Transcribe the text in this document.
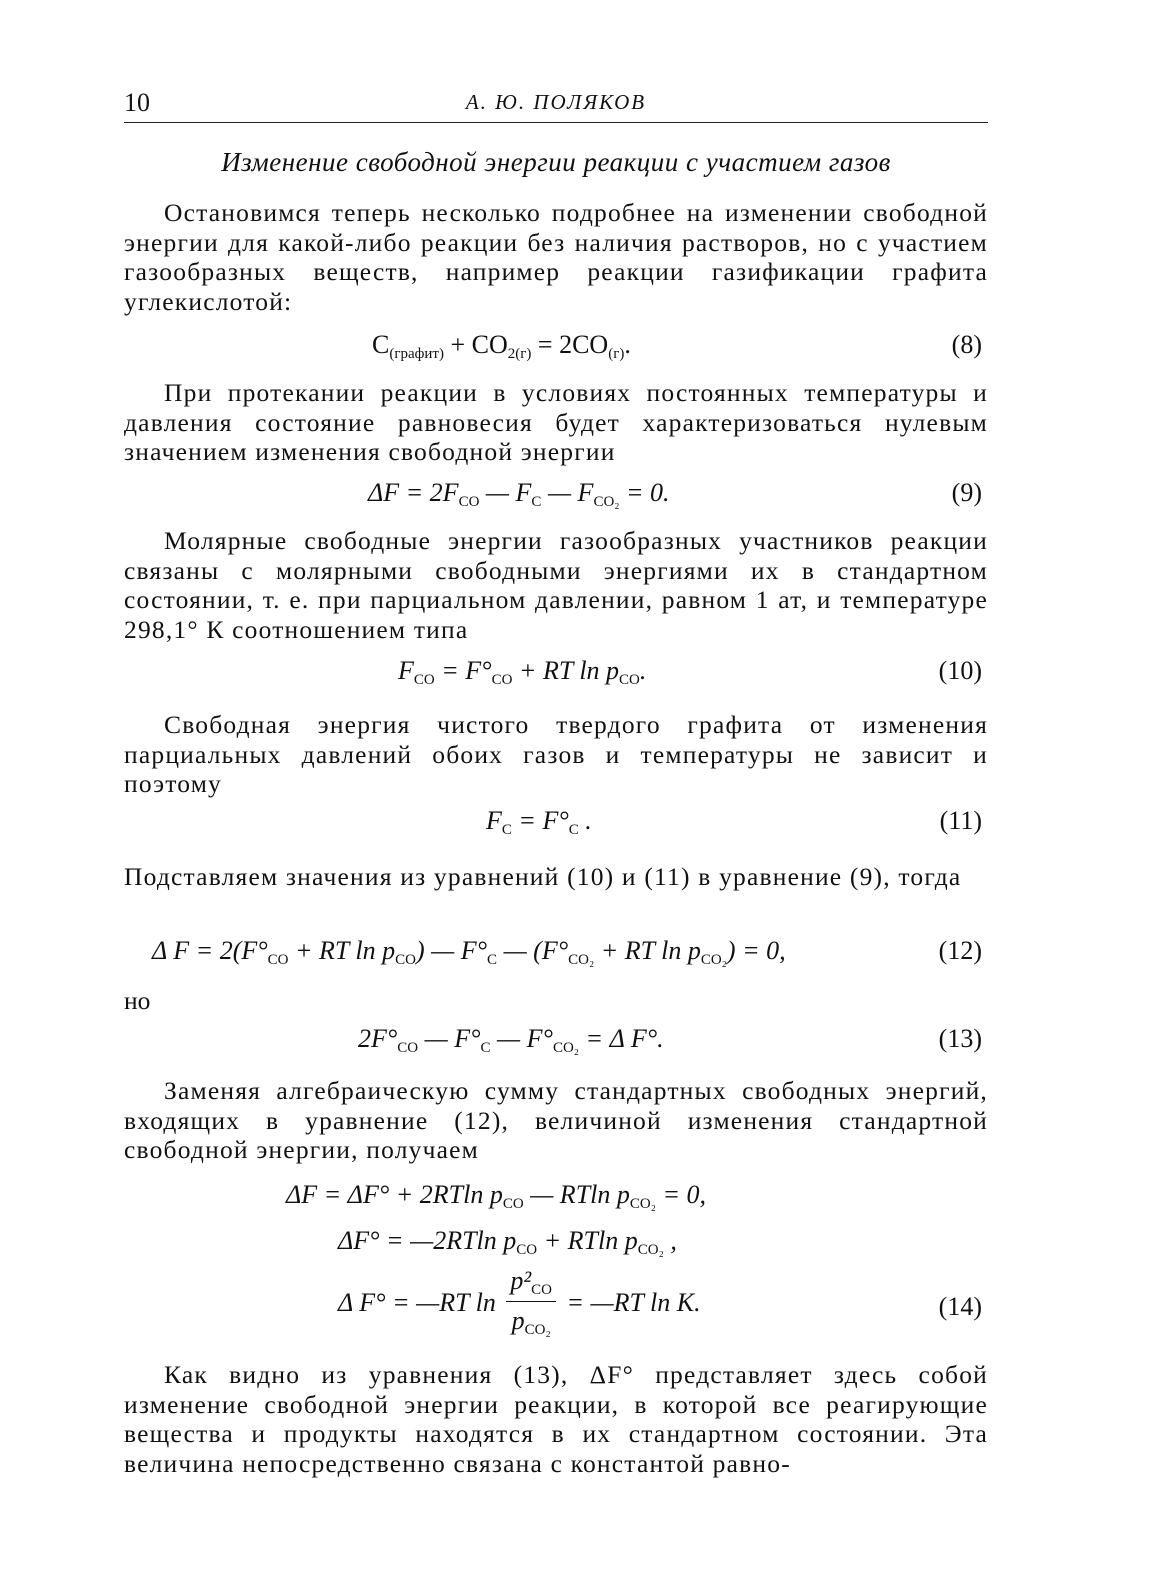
10	А. Ю. ПОЛЯКОВ
Изменение свободной энергии реакции с участием газов

Остановимся теперь несколько подробнее на изменении свободной энергии для какой-либо реакции без наличия растворов, но с участием газообразных веществ, например реакции газификации графита углекислотой:

$C_{(графит)} + CO_{2(г)} = 2CO_{(г)}$.	(8)

При протекании реакции в условиях постоянных температуры и давления состояние равновесия будет характеризоваться нулевым значением изменения свободной энергии

$\Delta F = 2F_{CO}$ — $F_C$ — $F_{CO_2} = 0$.	(9)

Молярные свободные энергии газообразных участников реакции связаны с молярными свободными энергиями их в стандартном состоянии, т. е. при парциальном давлении, равном 1 ат, и температуре 298,1° К соотношением типа

$F_{CO} = F^\circ_{CO}$ + RT $\ln p_{CO}$.	(10)

Свободная энергия чистого твердого графита от изменения парциальных давлений обоих газов и температуры не зависит и поэтому

$F_C = F^\circ_C$ .	(11)

Подставляем значения из уравнений (10) и (11) в уравнение (9), тогда

Δ $F = 2(F^\circ_{CO}$ + RT $\ln p_{CO}$) — $F^\circ_C$ — ($F^\circ_{CO_2}$ + RT $\ln p_{CO_2}) = 0$,	(12)
но
$2F^\circ_{CO}$ — $F^\circ_C$ — $F^\circ_{CO_2} = \Delta$ F°.	(13)

Заменяя алгебраическую сумму стандартных свободных энергий, входящих в уравнение (12), величиной изменения стандартной свободной энергии, получаем

ΔF = ΔF° + 2RTln $p_{CO}$ — RTln $p_{CO_2} = 0$,
ΔF° = —2RTln $p_{CO} + RTln$ $p_{CO_2}$ ,
Δ F° = —RT $\ln \frac{p^2_{CO}}{p_{CO_2}}$ = —RT ln K.	(14)

Как видно из уравнения (13), ΔF° представляет здесь собой изменение свободной энергии реакции, в которой все реагирующие вещества и продукты находятся в их стандартном состоянии. Эта величина непосредственно связана с константой равно-
